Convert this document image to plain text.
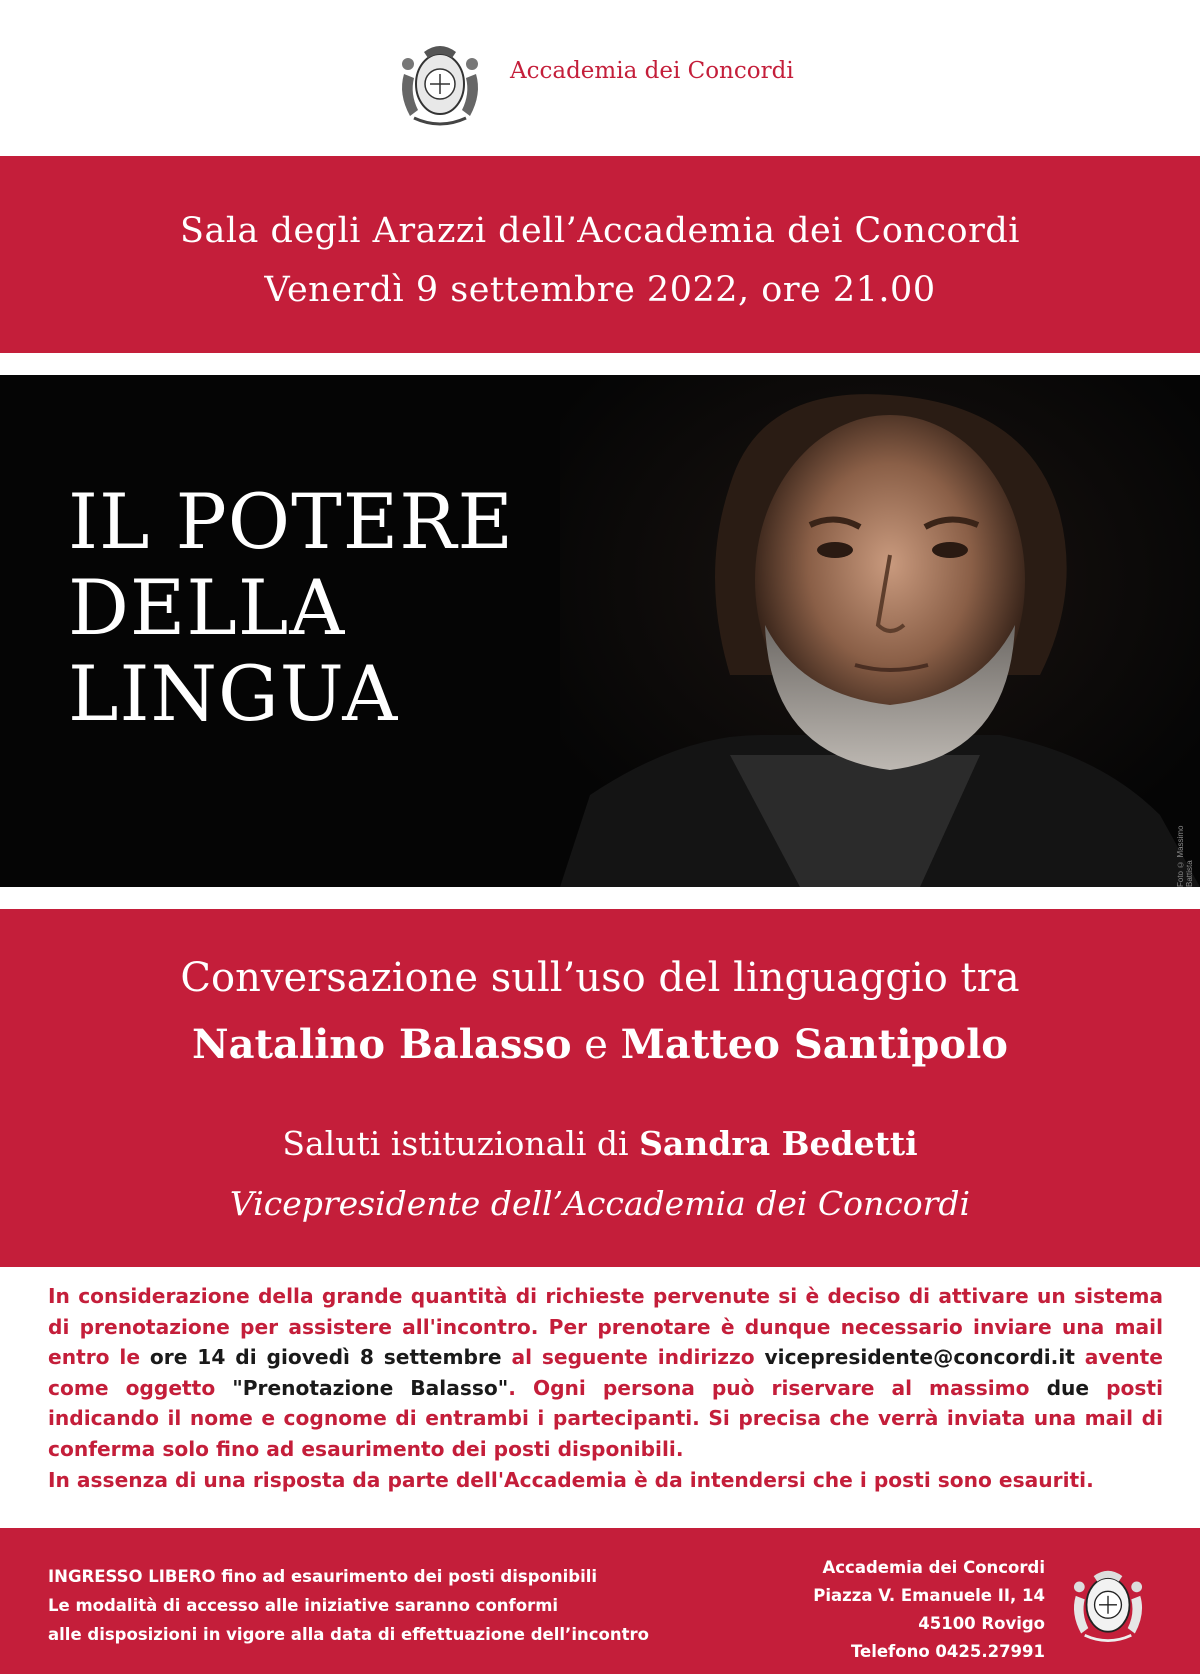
Accademia dei Concordi
Sala degli Arazzi dell’Accademia dei Concordi
Venerdì 9 settembre 2022, ore 21.00
IL POTERE
DELLA
LINGUA
Foto © Massimo Battista
Conversazione sull’uso del linguaggio tra
Natalino Balasso e Matteo Santipolo
Saluti istituzionali di Sandra Bedetti
Vicepresidente dell’Accademia dei Concordi
In considerazione della grande quantità di richieste pervenute si è deciso di attivare un sistema di prenotazione per assistere all'incontro. Per prenotare è dunque necessario inviare una mail entro le ore 14 di giovedì 8 settembre al seguente indirizzo vicepresidente@concordi.it avente come oggetto "Prenotazione Balasso". Ogni persona può riservare al massimo due posti indicando il nome e cognome di entrambi i partecipanti. Si precisa che verrà inviata una mail di conferma solo fino ad esaurimento dei posti disponibili.
In assenza di una risposta da parte dell'Accademia è da intendersi che i posti sono esauriti.
INGRESSO LIBERO fino ad esaurimento dei posti disponibili
Le modalità di accesso alle iniziative saranno conformi
alle disposizioni in vigore alla data di effettuazione dell’incontro
Accademia dei Concordi
Piazza V. Emanuele II, 14
45100 Rovigo
Telefono 0425.27991
